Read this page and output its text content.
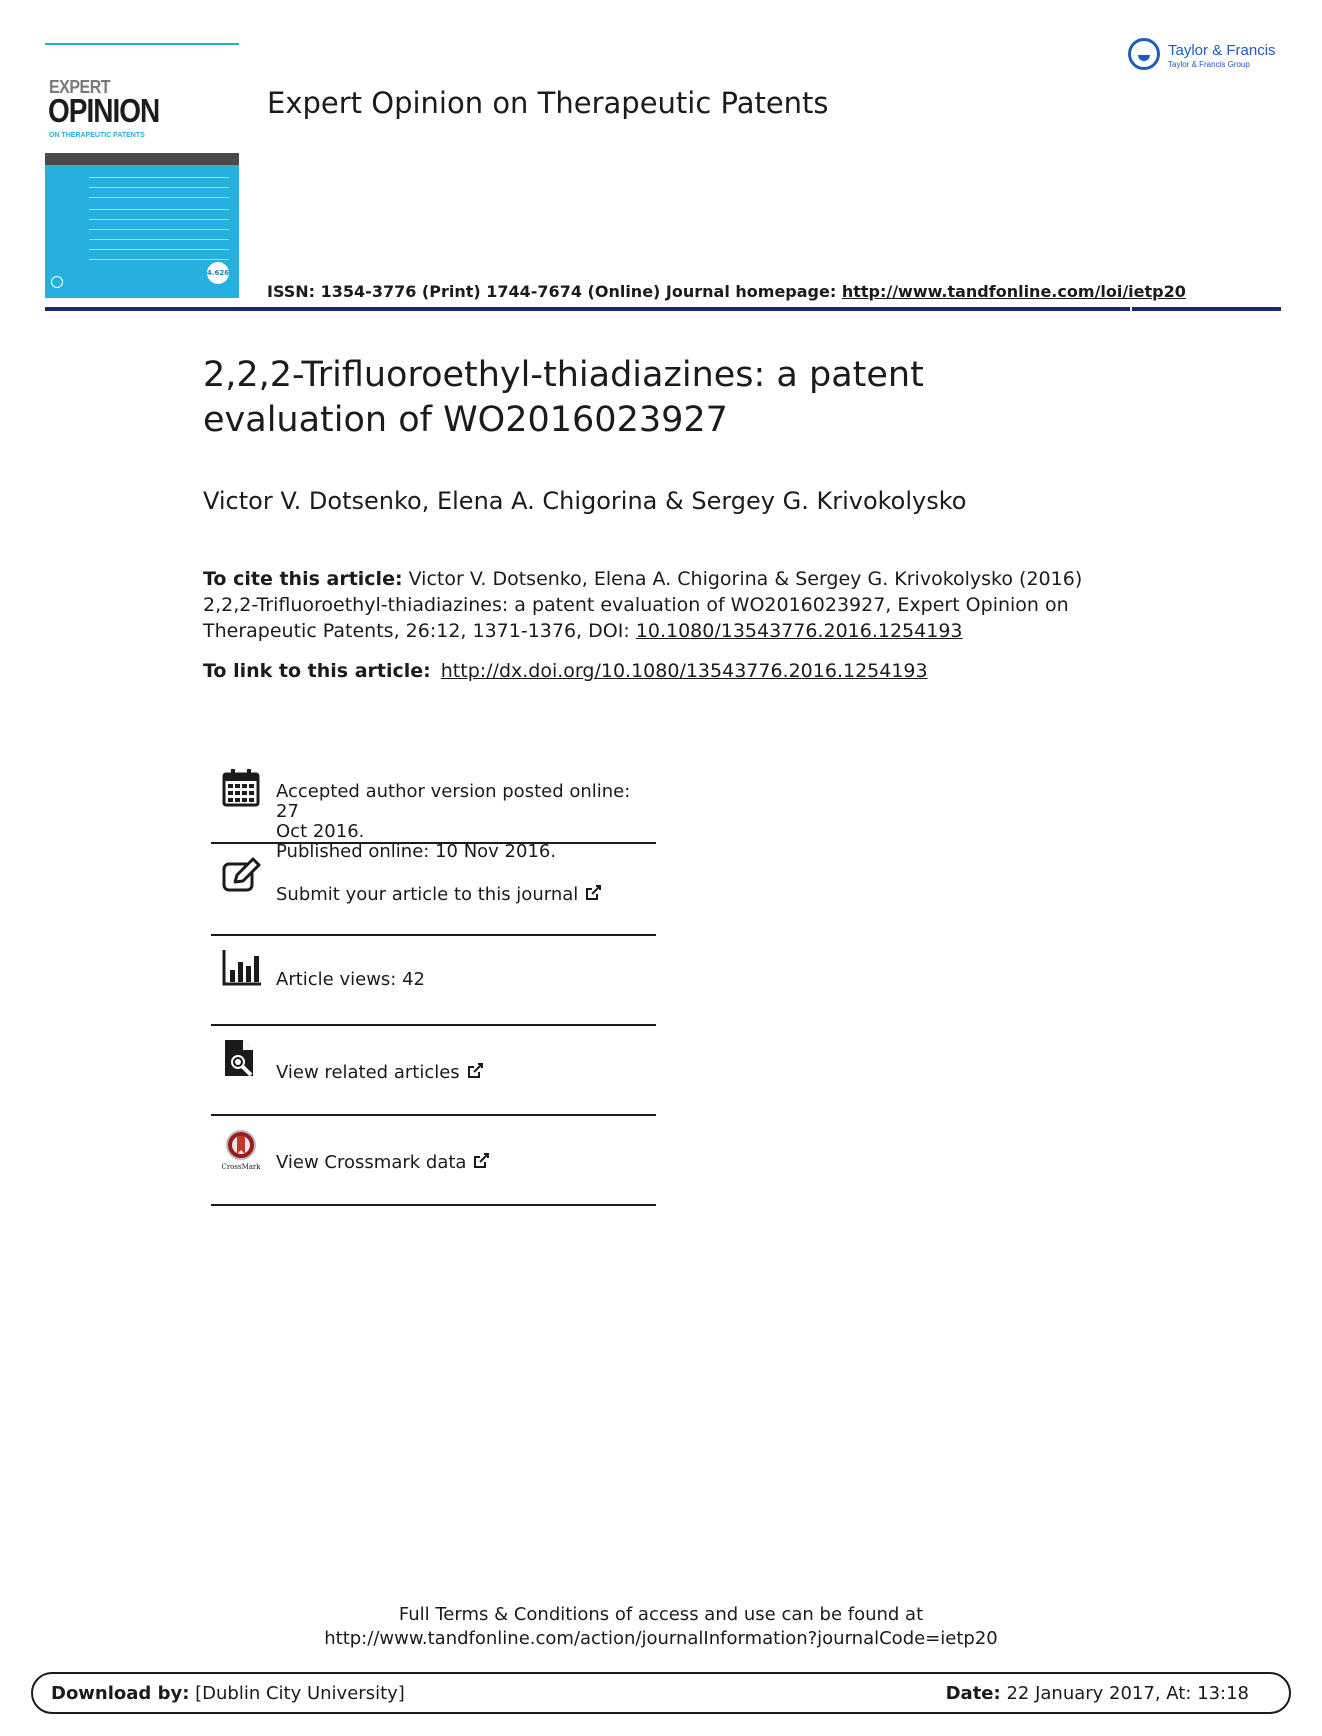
EXPERT
OPINION
ON THERAPEUTIC PATENTS
4.626
Expert Opinion on Therapeutic Patents
Taylor & Francis
Taylor & Francis Group
ISSN: 1354-3776 (Print) 1744-7674 (Online) Journal homepage: http://www.tandfonline.com/loi/ietp20
2,2,2-Trifluoroethyl-thiadiazines: a patent evaluation of WO2016023927
Victor V. Dotsenko, Elena A. Chigorina & Sergey G. Krivokolysko
To cite this article: Victor V. Dotsenko, Elena A. Chigorina & Sergey G. Krivokolysko (2016) 2,2,2-Trifluoroethyl-thiadiazines: a patent evaluation of WO2016023927, Expert Opinion on Therapeutic Patents, 26:12, 1371-1376, DOI: 10.1080/13543776.2016.1254193
To link to this article: http://dx.doi.org/10.1080/13543776.2016.1254193
Accepted author version posted online: 27
Oct 2016.
Published online: 10 Nov 2016.
Submit your article to this journal
Article views: 42
View related articles
CrossMark View Crossmark data
Full Terms & Conditions of access and use can be found at
http://www.tandfonline.com/action/journalInformation?journalCode=ietp20
Download by: [Dublin City University]	Date: 22 January 2017, At: 13:18
